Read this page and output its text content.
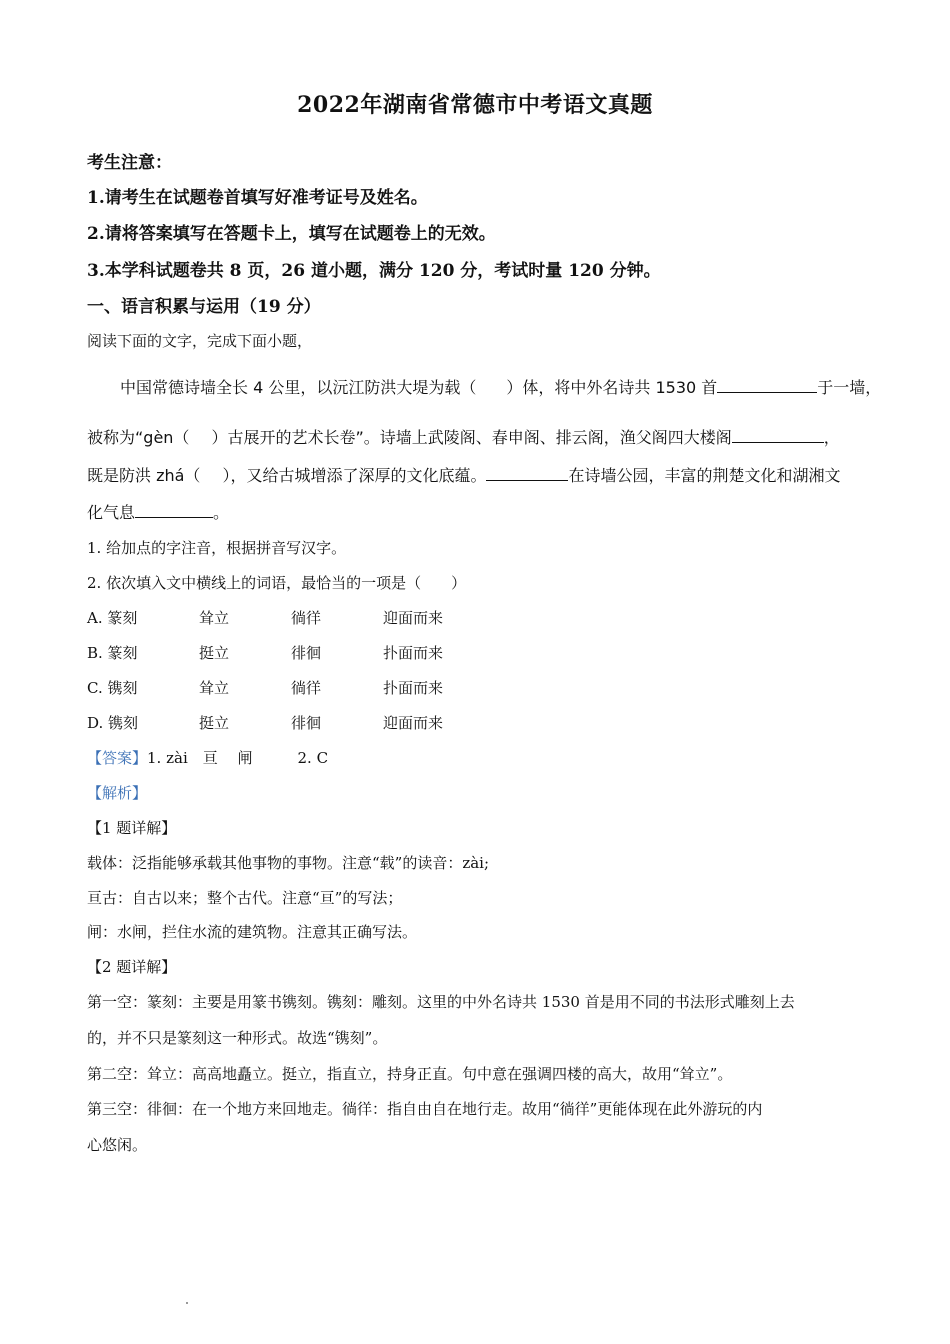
2022年湖南省常德市中考语文真题
考生注意：
1.请考生在试题卷首填写好准考证号及姓名。
2.请将答案填写在答题卡上，填写在试题卷上的无效。
3.本学科试题卷共 8 页，26 道小题，满分 120 分，考试时量 120 分钟。
一、语言积累与运用（19 分）
阅读下面的文字，完成下面小题，
中国常德诗墙全长 4 公里，以沅江防洪大堤为载（ ）体，将中外名诗共 1530 首	于一墙，
被称为“gèn（ ）古展开的艺术长卷”。诗墙上武陵阁、春申阁、排云阁，渔父阁四大楼阁	，
既是防洪 zhá（ ），又给古城增添了深厚的文化底蕴。	在诗墙公园，丰富的荆楚文化和湖湘文
化气息	。
1. 给加点的字注音，根据拼音写汉字。
2. 依次填入文中横线上的词语，最恰当的一项是（　　）
A. 篆刻	耸立	徜徉	迎面而来
B. 篆刻	挺立	徘徊	扑面而来
C. 镌刻	耸立	徜徉	扑面而来
D. 镌刻	挺立	徘徊	迎面而来
【答案】1. zài　亘　 闸　　　2. C
【解析】
【1 题详解】
载体：泛指能够承载其他事物的事物。注意“载”的读音：zài;
亘古：自古以来；整个古代。注意“亘”的写法；
闸：水闸，拦住水流的建筑物。注意其正确写法。
【2 题详解】
第一空：篆刻：主要是用篆书镌刻。镌刻：雕刻。这里的中外名诗共 1530 首是用不同的书法形式雕刻上去
的，并不只是篆刻这一种形式。故选“镌刻”。
第二空：耸立：高高地矗立。挺立，指直立，持身正直。句中意在强调四楼的高大，故用“耸立”。
第三空：徘徊：在一个地方来回地走。徜徉：指自由自在地行走。故用“徜徉”更能体现在此外游玩的内
心悠闲。
